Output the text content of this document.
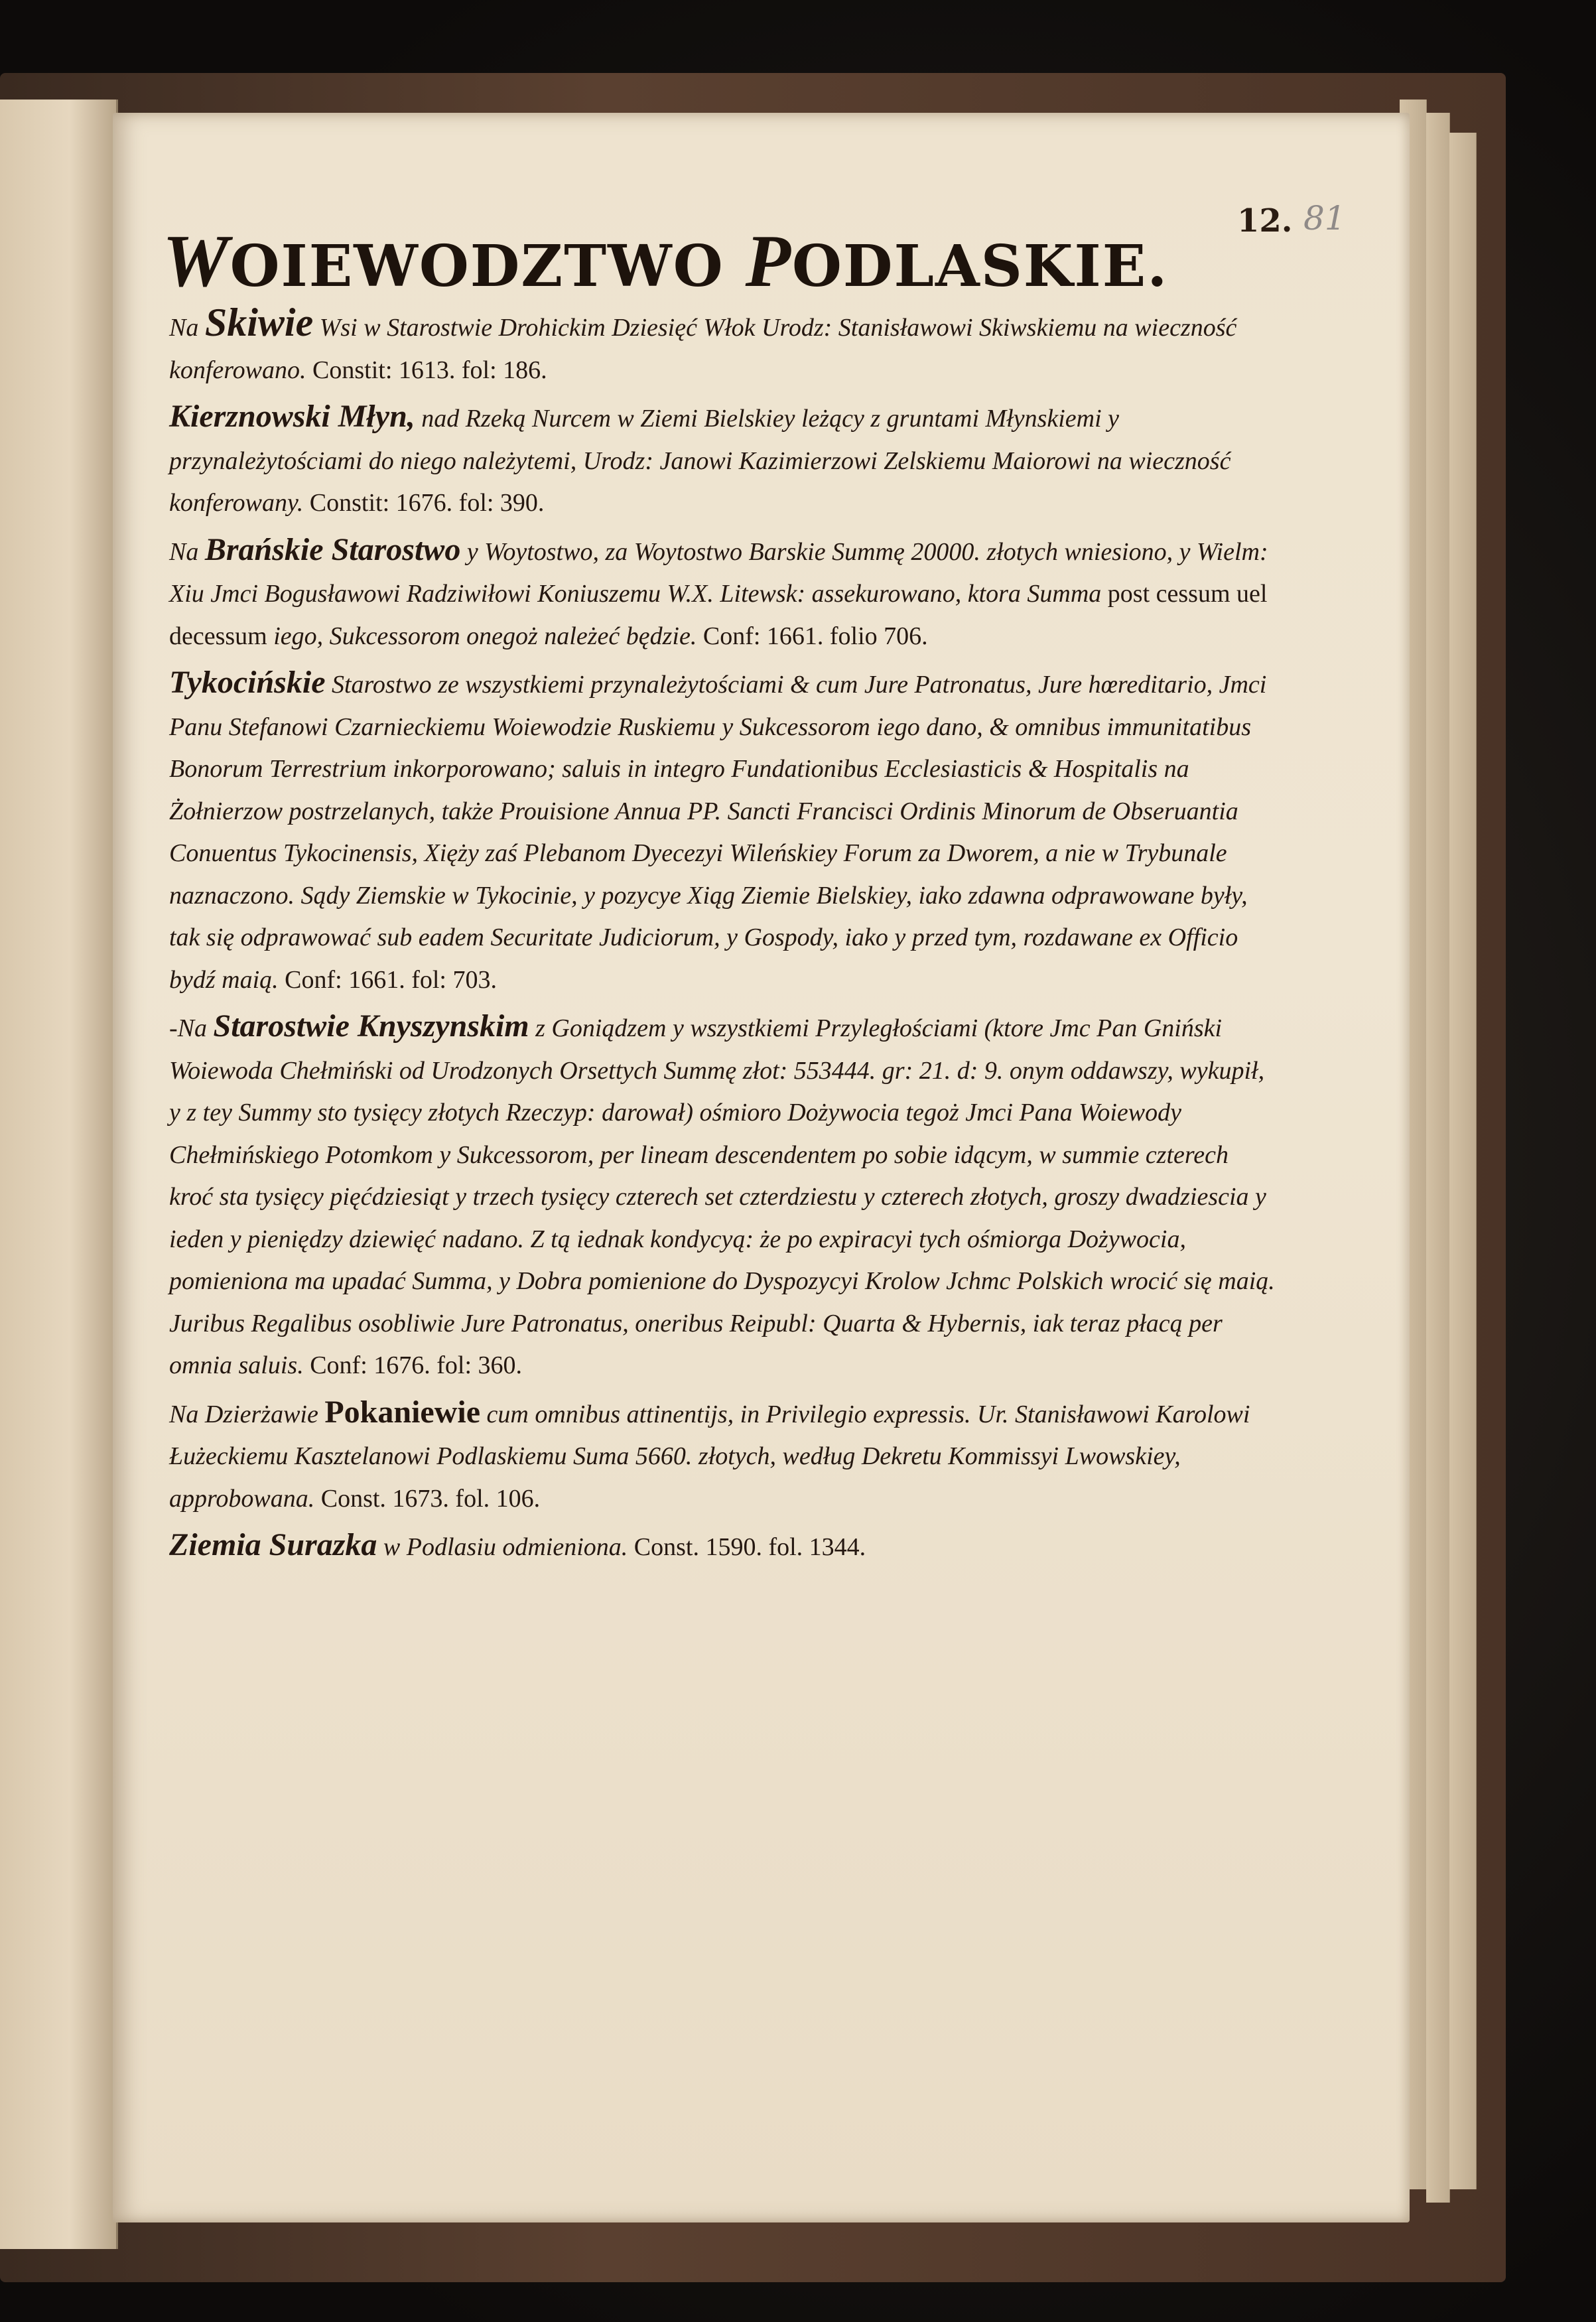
12. 81
WOIEWODZTWO PODLASKIE.

Na Skiwie Wsi w Starostwie Drohickim Dziesięć Włok Urodz: Stanisławowi Skiwskiemu na wieczność konferowano. Constit: 1613. fol: 186.

Kierznowski Młyn, nad Rzeką Nurcem w Ziemi Bielskiey leżący z gruntami Młynskiemi y przynależytościami do niego należytemi, Urodz: Janowi Kazimierzowi Zelskiemu Maiorowi na wieczność konferowany. Constit: 1676. fol: 390.

Na Brańskie Starostwo y Woytostwo, za Woytostwo Barskie Summę 20000. złotych wniesiono, y Wielm: Xiu Jmci Bogusławowi Radziwiłowi Koniuszemu W.X. Litewsk: assekurowano, ktora Summa post cessum uel decessum iego, Sukcessorom onegoż należeć będzie. Conf: 1661. folio 706.

Tykocińskie Starostwo ze wszystkiemi przynależytościami & cum Jure Patronatus, Jure hœreditario, Jmci Panu Stefanowi Czarnieckiemu Woiewodzie Ruskiemu y Sukcessorom iego dano, & omnibus immunitatibus Bonorum Terrestrium inkorporowano; saluis in integro Fundationibus Ecclesiasticis & Hospitalis na Żołnierzow postrzelanych, także Prouisione Annua PP. Sancti Francisci Ordinis Minorum de Obseruantia Conuentus Tykocinensis, Xięży zaś Plebanom Dyecezyi Wileńskiey Forum za Dworem, a nie w Trybunale naznaczono. Sądy Ziemskie w Tykocinie, y pozycye Xiąg Ziemie Bielskiey, iako zdawna odprawowane były, tak się odprawować sub eadem Securitate Judiciorum, y Gospody, iako y przed tym, rozdawane ex Officio bydź maią. Conf: 1661. fol: 703.

-Na Starostwie Knyszynskim z Goniądzem y wszystkiemi Przyległościami (ktore Jmc Pan Gniński Woiewoda Chełmiński od Urodzonych Orsettych Summę złot: 553444. gr: 21. d: 9. onym oddawszy, wykupił, y z tey Summy sto tysięcy złotych Rzeczyp: darował) ośmioro Dożywocia tegoż Jmci Pana Woiewody Chełmińskiego Potomkom y Sukcessorom, per lineam descendentem po sobie idącym, w summie czterech kroć sta tysięcy pięćdziesiąt y trzech tysięcy czterech set czterdziestu y czterech złotych, groszy dwadziescia y ieden y pieniędzy dziewięć nadano. Z tą iednak kondycyą: że po expiracyi tych ośmiorga Dożywocia, pomieniona ma upadać Summa, y Dobra pomienione do Dyspozycyi Krolow Jchmc Polskich wrocić się maią. Juribus Regalibus osobliwie Jure Patronatus, oneribus Reipubl: Quarta & Hybernis, iak teraz płacą per omnia saluis. Conf: 1676. fol: 360.

Na Dzierżawie Pokaniewie cum omnibus attinentijs, in Privilegio expressis. Ur. Stanisławowi Karolowi Łużeckiemu Kasztelanowi Podlaskiemu Suma 5660. złotych, według Dekretu Kommissyi Lwowskiey, approbowana. Const. 1673. fol. 106.

Ziemia Surazka w Podlasiu odmieniona. Const. 1590. fol. 1344.
